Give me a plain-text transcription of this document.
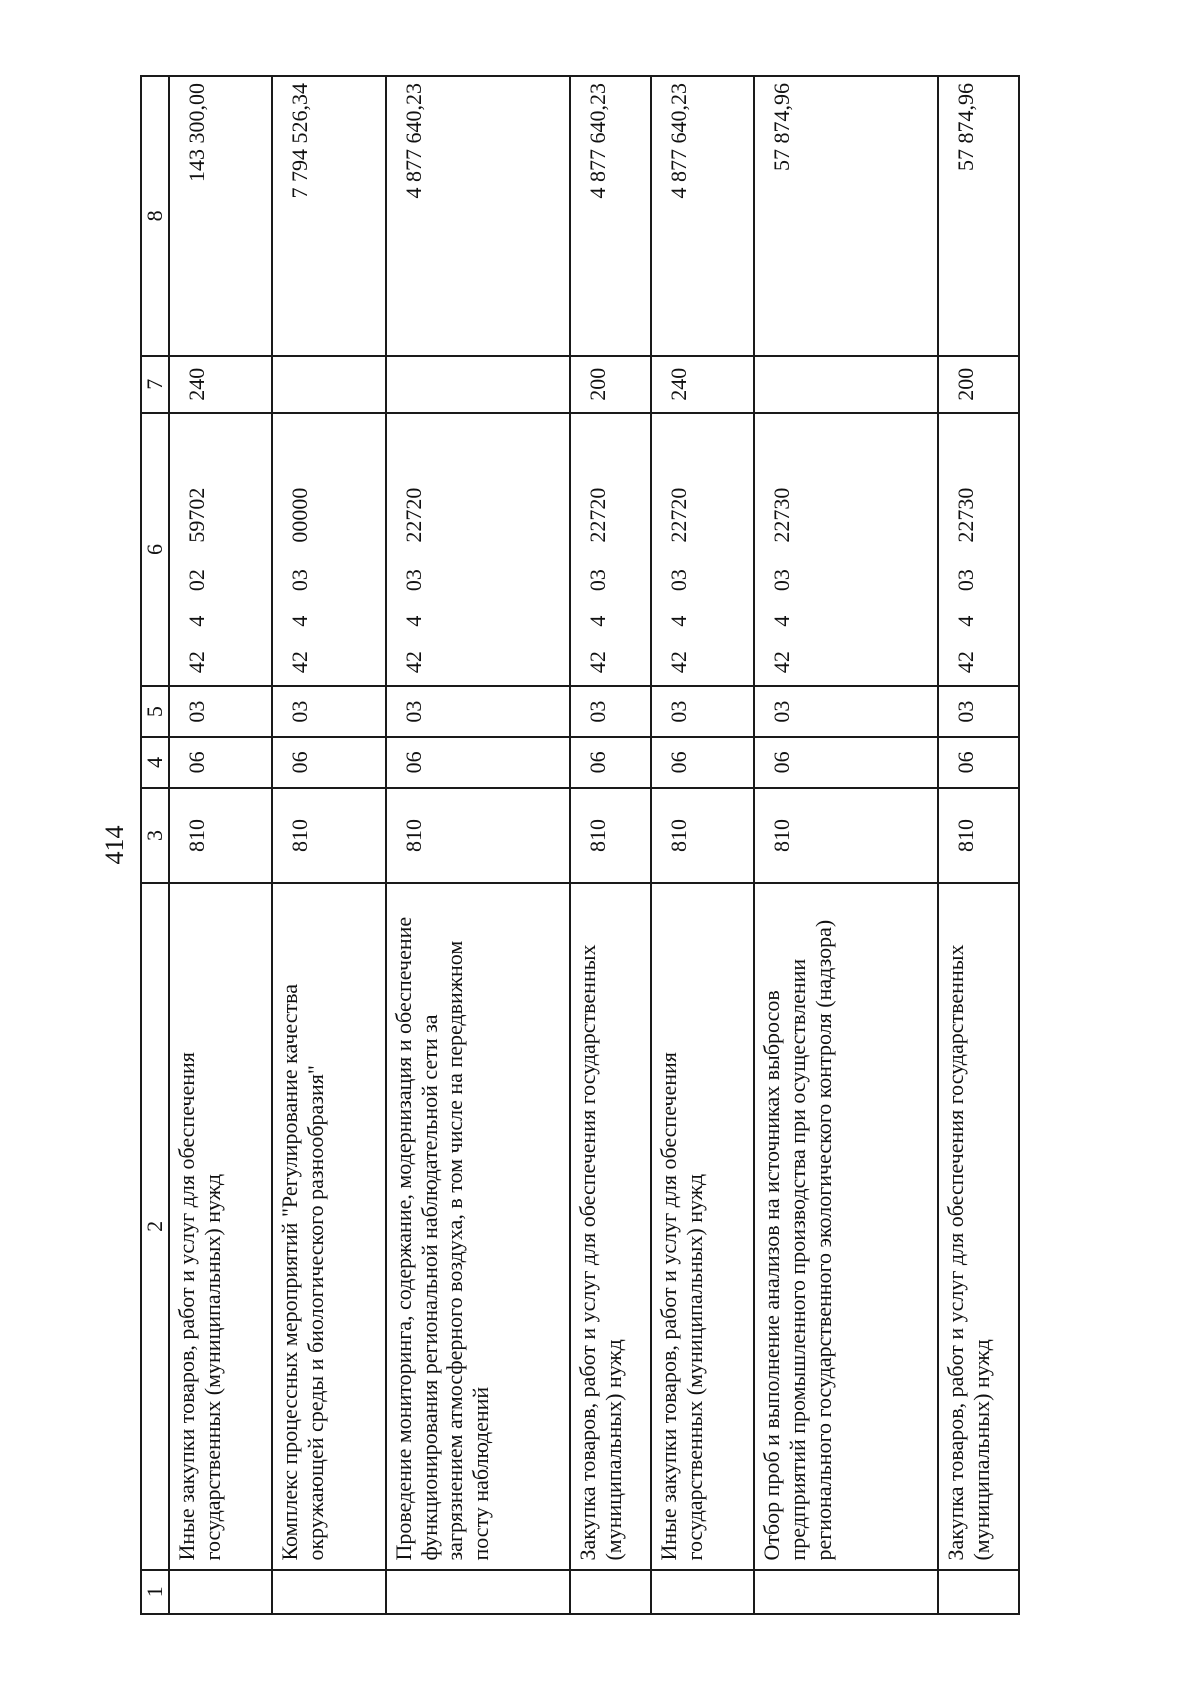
414
1	2	3	4	5	6	7	8
	Иные закупки товаров, работ и услуг для обеспечения государственных (муниципальных) нужд	810	06	03	4240259702	240	143 300,00
	Комплекс процессных мероприятий "Регулирование качества окружающей среды и биологического разнообразия"	810	06	03	4240300000		7 794 526,34
	Проведение мониторинга, содержание, модернизация и обеспечение функционирования региональной наблюдательной сети за загрязнением атмосферного воздуха, в том числе на передвижном посту наблюдений	810	06	03	4240322720		4 877 640,23
	Закупка товаров, работ и услуг для обеспечения государственных (муниципальных) нужд	810	06	03	4240322720	200	4 877 640,23
	Иные закупки товаров, работ и услуг для обеспечения государственных (муниципальных) нужд	810	06	03	4240322720	240	4 877 640,23
	Отбор проб и выполнение анализов на источниках выбросов предприятий промышленного производства при осуществлении регионального государственного экологического контроля (надзора)	810	06	03	4240322730		57 874,96
	Закупка товаров, работ и услуг для обеспечения государственных (муниципальных) нужд	810	06	03	4240322730	200	57 874,96
